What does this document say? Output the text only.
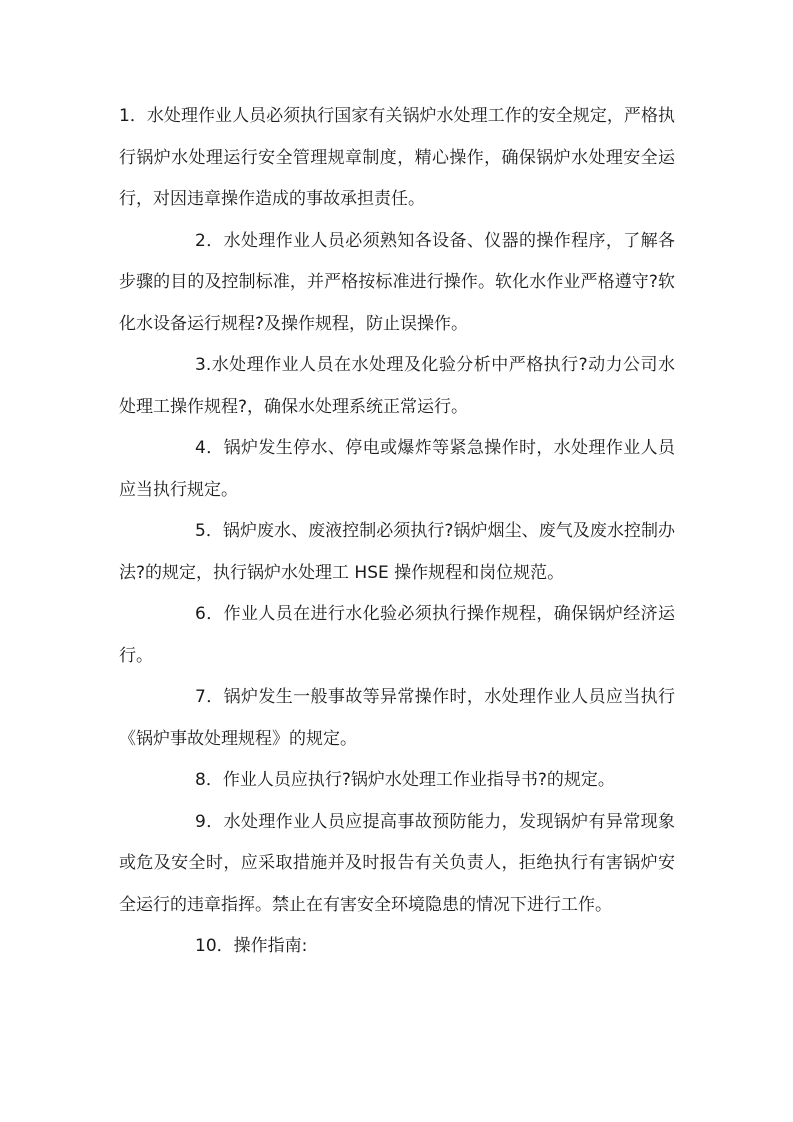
1．水处理作业人员必须执行国家有关锅炉水处理工作的安全规定，严格执行锅炉水处理运行安全管理规章制度，精心操作，确保锅炉水处理安全运行，对因违章操作造成的事故承担责任。

2．水处理作业人员必须熟知各设备、仪器的操作程序，了解各步骤的目的及控制标准，并严格按标准进行操作。软化水作业严格遵守?软化水设备运行规程?及操作规程，防止误操作。

3.水处理作业人员在水处理及化验分析中严格执行?动力公司水处理工操作规程?，确保水处理系统正常运行。

4．锅炉发生停水、停电或爆炸等紧急操作时，水处理作业人员应当执行规定。

5．锅炉废水、废液控制必须执行?锅炉烟尘、废气及废水控制办法?的规定，执行锅炉水处理工 HSE 操作规程和岗位规范。

6．作业人员在进行水化验必须执行操作规程，确保锅炉经济运行。

7．锅炉发生一般事故等异常操作时，水处理作业人员应当执行《锅炉事故处理规程》的规定。

8．作业人员应执行?锅炉水处理工作业指导书?的规定。

9．水处理作业人员应提高事故预防能力，发现锅炉有异常现象或危及安全时，应采取措施并及时报告有关负责人，拒绝执行有害锅炉安全运行的违章指挥。禁止在有害安全环境隐患的情况下进行工作。

10．操作指南:
